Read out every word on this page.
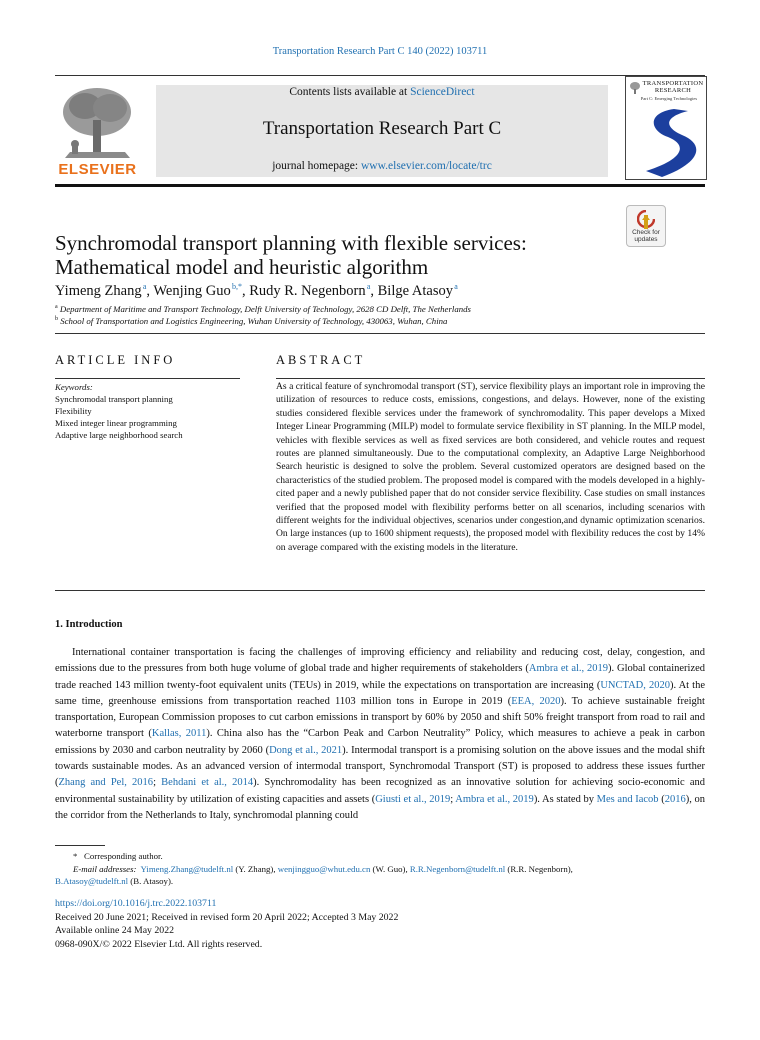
Transportation Research Part C 140 (2022) 103711
ELSEVIER
Contents lists available at ScienceDirect
Transportation Research Part C
journal homepage: www.elsevier.com/locate/trc
TRANSPORTATION RESEARCH
Part C: Emerging Technologies
Check for updates
Synchromodal transport planning with flexible services: Mathematical model and heuristic algorithm
Yimeng Zhang $^a$, Wenjing Guo $^{b,*}$, Rudy R. Negenborn $^a$, Bilge Atasoy $^a$
$^a$ Department of Maritime and Transport Technology, Delft University of Technology, 2628 CD Delft, The Netherlands
$^b$ School of Transportation and Logistics Engineering, Wuhan University of Technology, 430063, Wuhan, China
ARTICLE INFO	ABSTRACT
Keywords:
Synchromodal transport planning
Flexibility
Mixed integer linear programming
Adaptive large neighborhood search
As a critical feature of synchromodal transport (ST), service flexibility plays an important role in improving the utilization of resources to reduce costs, emissions, congestions, and delays. However, none of the existing studies considered flexible services under the framework of synchromodality. This paper develops a Mixed Integer Linear Programming (MILP) model to formulate service flexibility in ST planning. In the MILP model, vehicles with flexible services as well as fixed services are both considered, and vehicle routes and request routes are planned simultaneously. Due to the computational complexity, an Adaptive Large Neighborhood Search heuristic is designed to solve the problem. Several customized operators are designed based on the characteristics of the studied problem. The proposed model is compared with the models developed in a highly-cited paper and a newly published paper that do not consider service flexibility. Case studies on small instances verified that the proposed model with flexibility performs better on all scenarios, including scenarios with different weights for the individual objectives, scenarios under congestion,and dynamic optimization scenarios. On large instances (up to 1600 shipment requests), the proposed model with flexibility reduces the cost by 14% on average compared with the existing models in the literature.
1. Introduction

International container transportation is facing the challenges of improving efficiency and reliability and reducing cost, delay, congestion, and emissions due to the pressures from both huge volume of global trade and higher requirements of stakeholders (Ambra et al., 2019). Global containerized trade reached 143 million twenty-foot equivalent units (TEUs) in 2019, while the expectations on transportation are increasing (UNCTAD, 2020). At the same time, greenhouse emissions from transportation reached 1103 million tons in Europe in 2019 (EEA, 2020). To achieve sustainable freight transportation, European Commission proposes to cut carbon emissions in transport by 60% by 2050 and shift 50% freight transport from road to rail and waterborne transport (Kallas, 2011). China also has the “Carbon Peak and Carbon Neutrality” Policy, which measures to achieve a peak in carbon emissions by 2030 and carbon neutrality by 2060 (Dong et al., 2021). Intermodal transport is a promising solution on the above issues and the modal shift towards sustainable modes. As an advanced version of intermodal transport, Synchromodal Transport (ST) is proposed to address these issues further (Zhang and Pel, 2016; Behdani et al., 2014). Synchromodality has been recognized as an innovative solution for achieving socio-economic and environmental sustainability by utilization of existing capacities and assets (Giusti et al., 2019; Ambra et al., 2019). As stated by Mes and Iacob (2016), on the corridor from the Netherlands to Italy, synchromodal planning could

*   Corresponding author.
E-mail addresses: Yimeng.Zhang@tudelft.nl (Y. Zhang), wenjingguo@whut.edu.cn (W. Guo), R.R.Negenborn@tudelft.nl (R.R. Negenborn),
B.Atasoy@tudelft.nl (B. Atasoy).
https://doi.org/10.1016/j.trc.2022.103711
Received 20 June 2021; Received in revised form 20 April 2022; Accepted 3 May 2022
Available online 24 May 2022
0968-090X/© 2022 Elsevier Ltd. All rights reserved.
